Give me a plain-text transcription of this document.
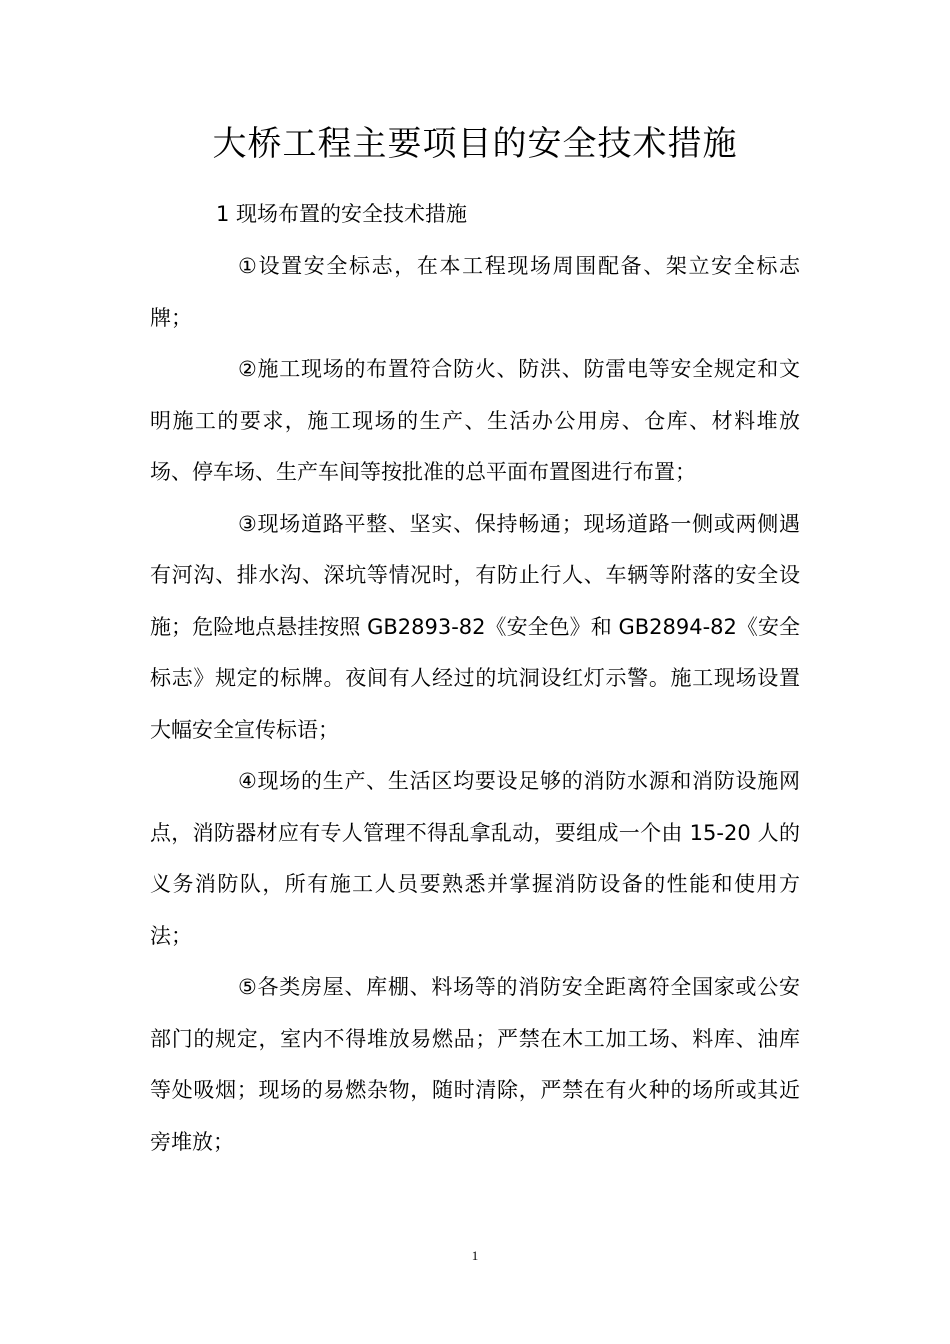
大桥工程主要项目的安全技术措施
1 现场布置的安全技术措施

①设置安全标志，在本工程现场周围配备、架立安全标志牌；

②施工现场的布置符合防火、防洪、防雷电等安全规定和文明施工的要求，施工现场的生产、生活办公用房、仓库、材料堆放场、停车场、生产车间等按批准的总平面布置图进行布置；

③现场道路平整、坚实、保持畅通；现场道路一侧或两侧遇有河沟、排水沟、深坑等情况时，有防止行人、车辆等附落的安全设施；危险地点悬挂按照 GB2893-82《安全色》和 GB2894-82《安全标志》规定的标牌。夜间有人经过的坑洞设红灯示警。施工现场设置大幅安全宣传标语；

④现场的生产、生活区均要设足够的消防水源和消防设施网点，消防器材应有专人管理不得乱拿乱动，要组成一个由 15-20 人的义务消防队，所有施工人员要熟悉并掌握消防设备的性能和使用方法；

⑤各类房屋、库棚、料场等的消防安全距离符全国家或公安部门的规定，室内不得堆放易燃品；严禁在木工加工场、料库、油库等处吸烟；现场的易燃杂物，随时清除，严禁在有火种的场所或其近旁堆放；

1
